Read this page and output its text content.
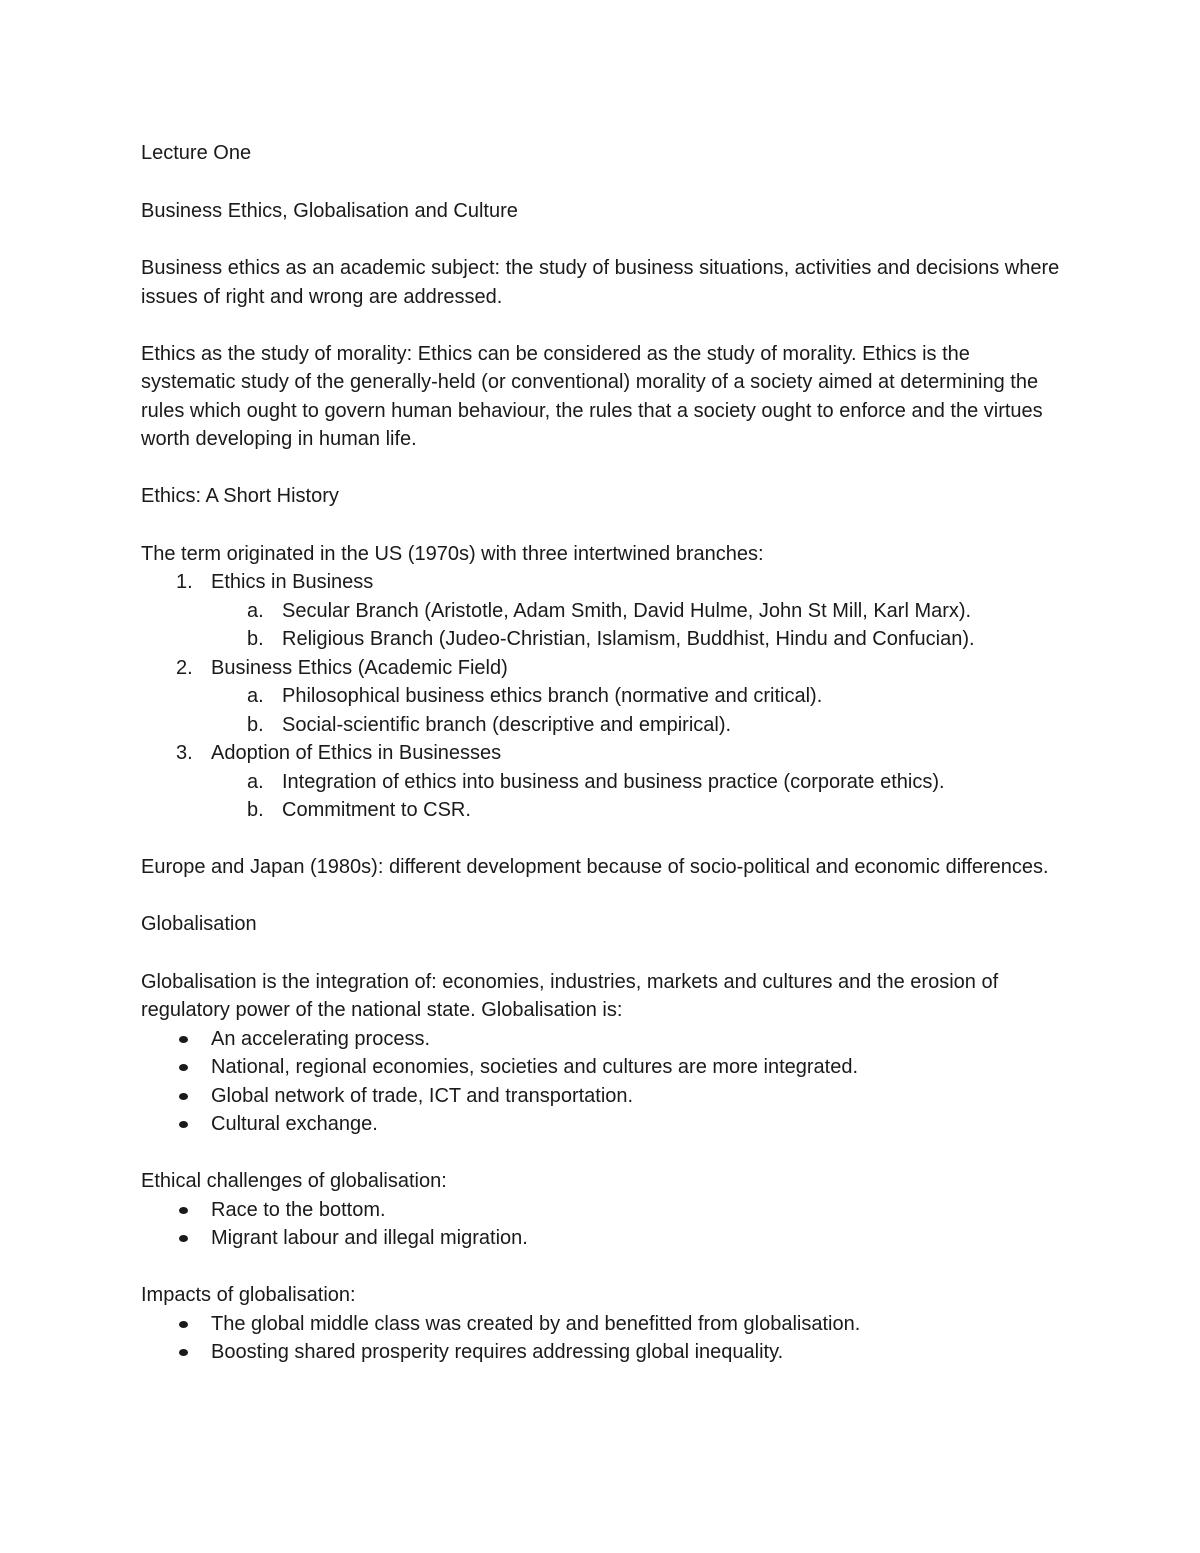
Lecture One

Business Ethics, Globalisation and Culture

Business ethics as an academic subject: the study of business situations, activities and decisions where issues of right and wrong are addressed.

Ethics as the study of morality: Ethics can be considered as the study of morality. Ethics is the systematic study of the generally-held (or conventional) morality of a society aimed at determining the rules which ought to govern human behaviour, the rules that a society ought to enforce and the virtues worth developing in human life.

Ethics: A Short History

The term originated in the US (1970s) with three intertwined branches:

1. Ethics in Business
a. Secular Branch (Aristotle, Adam Smith, David Hulme, John St Mill, Karl Marx).
b. Religious Branch (Judeo-Christian, Islamism, Buddhist, Hindu and Confucian).
2. Business Ethics (Academic Field)
a. Philosophical business ethics branch (normative and critical).
b. Social-scientific branch (descriptive and empirical).
3. Adoption of Ethics in Businesses
a. Integration of ethics into business and business practice (corporate ethics).
b. Commitment to CSR.

Europe and Japan (1980s): different development because of socio-political and economic differences.

Globalisation

Globalisation is the integration of: economies, industries, markets and cultures and the erosion of regulatory power of the national state. Globalisation is:

An accelerating process.
National, regional economies, societies and cultures are more integrated.
Global network of trade, ICT and transportation.
Cultural exchange.

Ethical challenges of globalisation:

Race to the bottom.
Migrant labour and illegal migration.

Impacts of globalisation:

The global middle class was created by and benefitted from globalisation.
Boosting shared prosperity requires addressing global inequality.
